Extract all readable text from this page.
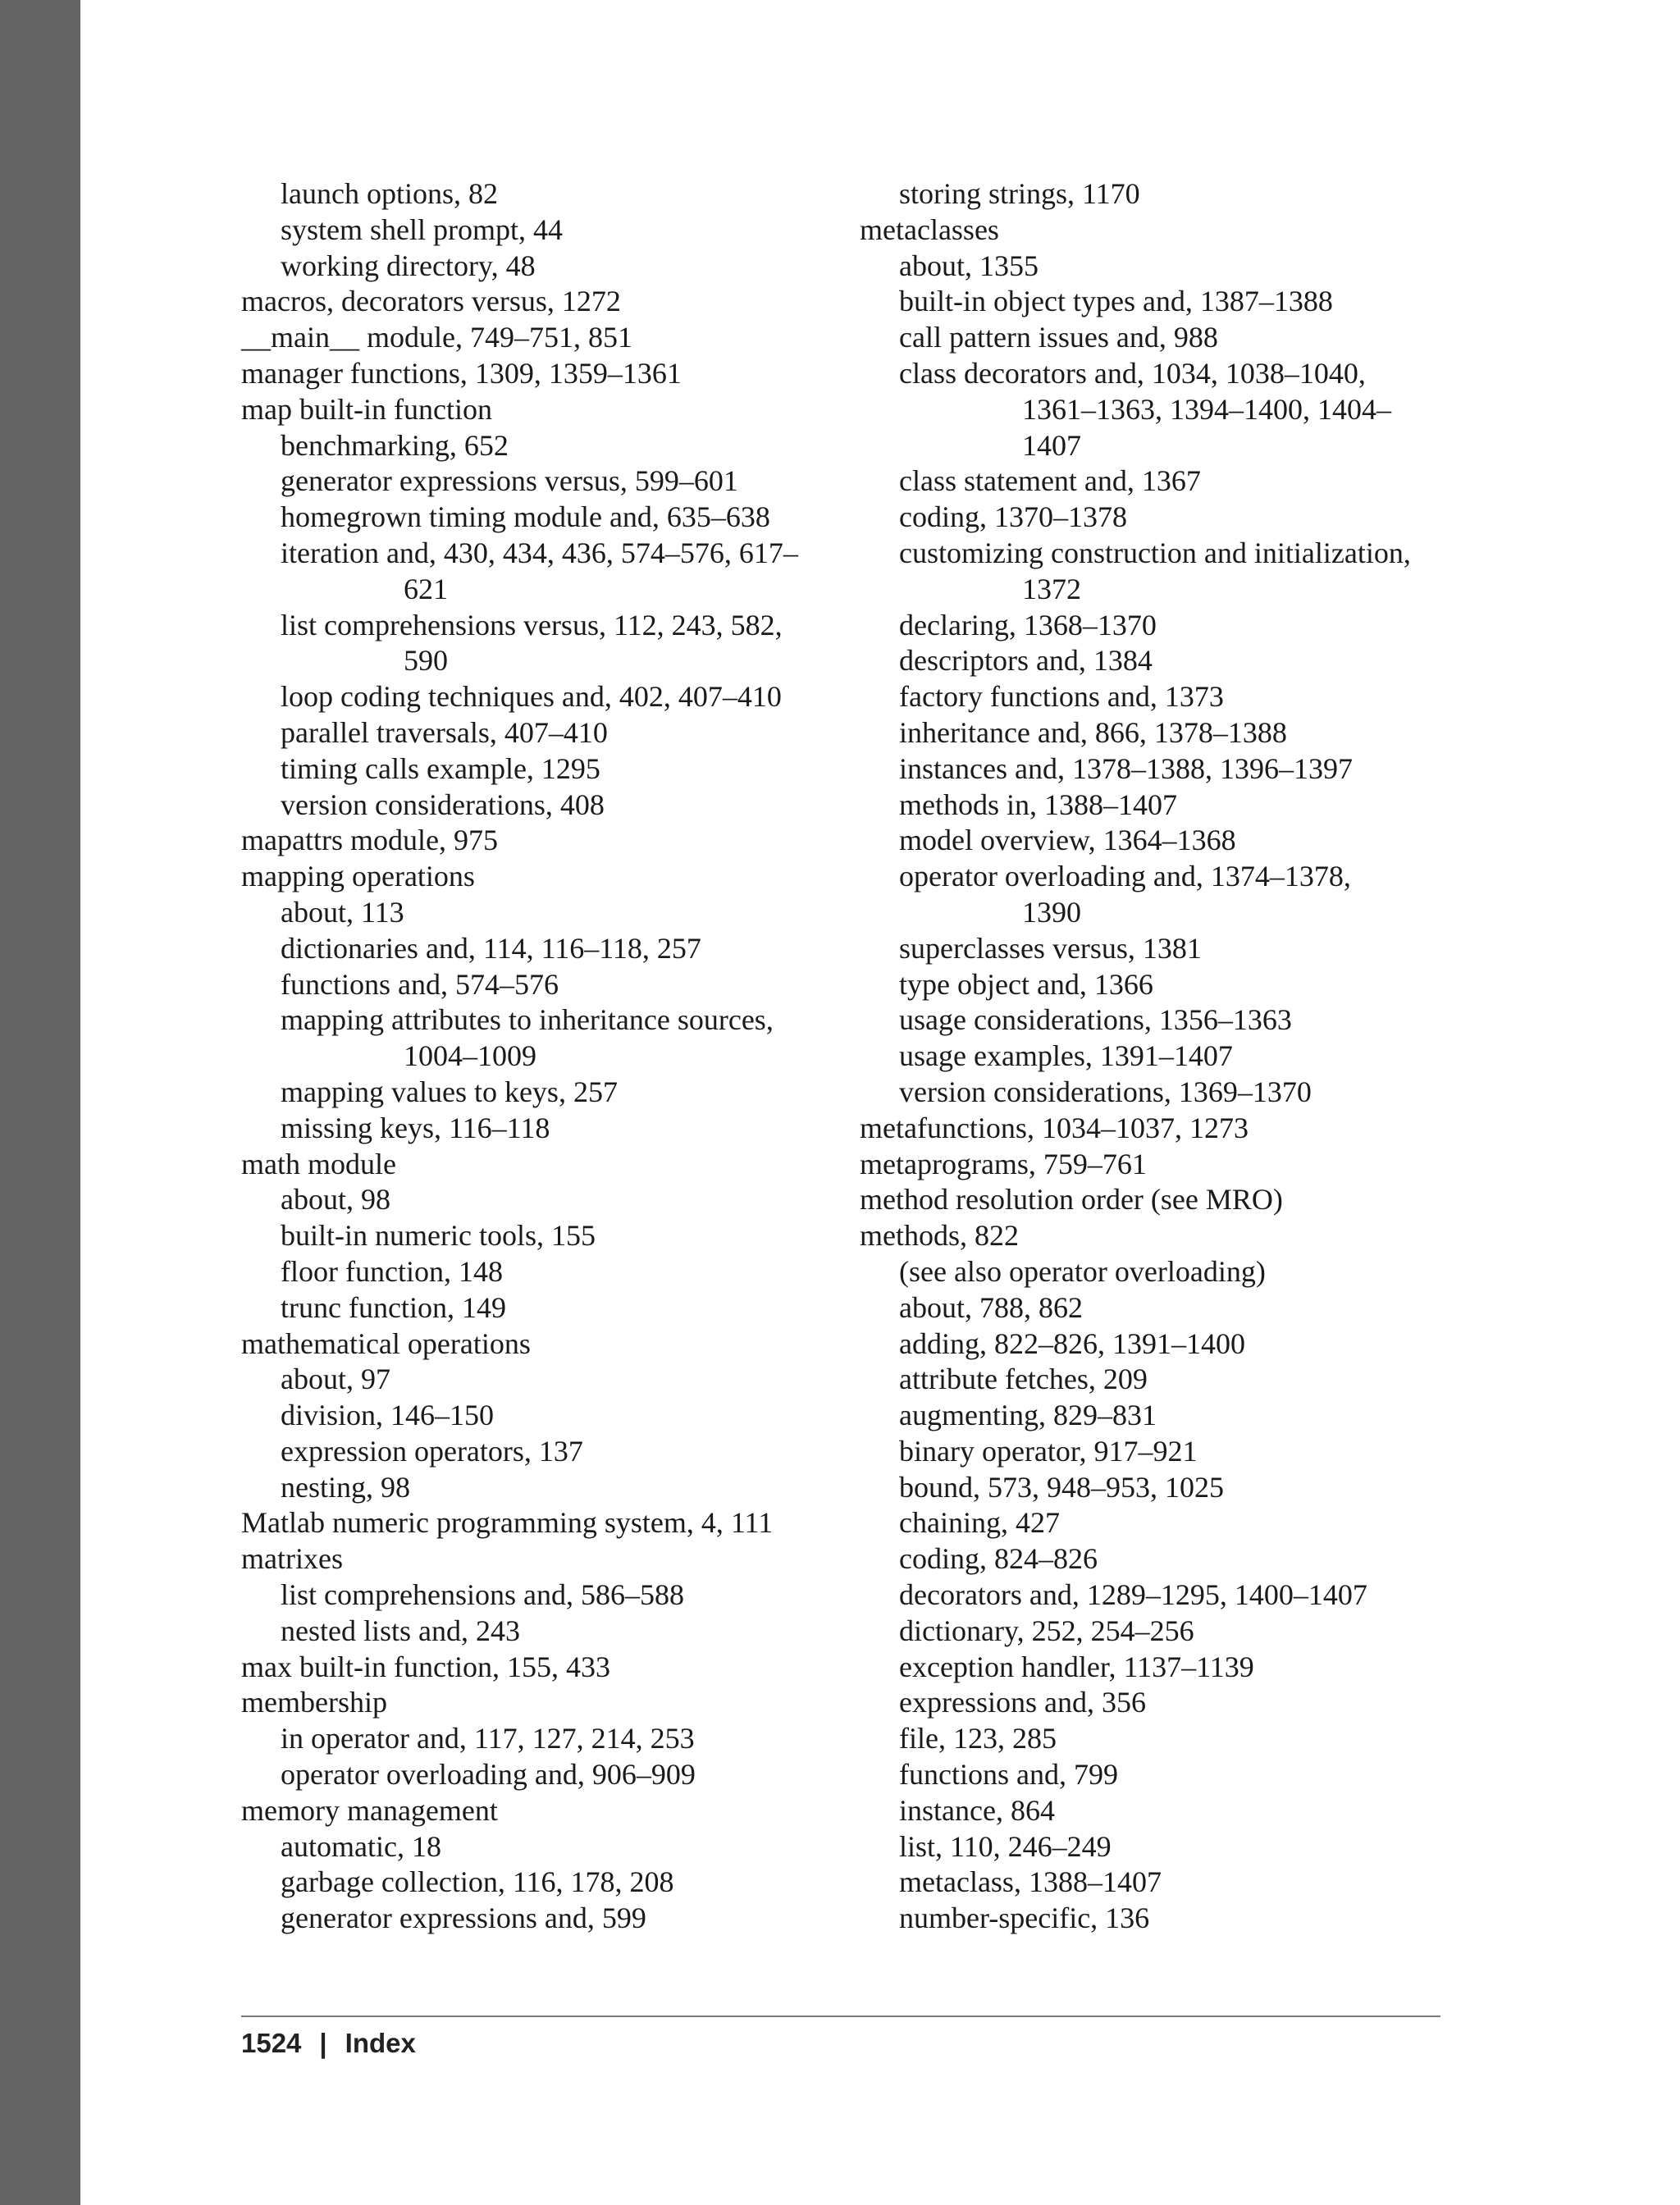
launch options, 82

system shell prompt, 44

working directory, 48

macros, decorators versus, 1272

__main__ module, 749–751, 851

manager functions, 1309, 1359–1361

map built-in function

benchmarking, 652

generator expressions versus, 599–601

homegrown timing module and, 635–638

iteration and, 430, 434, 436, 574–576, 617–

621

list comprehensions versus, 112, 243, 582,

590

loop coding techniques and, 402, 407–410

parallel traversals, 407–410

timing calls example, 1295

version considerations, 408

mapattrs module, 975

mapping operations

about, 113

dictionaries and, 114, 116–118, 257

functions and, 574–576

mapping attributes to inheritance sources,

1004–1009

mapping values to keys, 257

missing keys, 116–118

math module

about, 98

built-in numeric tools, 155

floor function, 148

trunc function, 149

mathematical operations

about, 97

division, 146–150

expression operators, 137

nesting, 98

Matlab numeric programming system, 4, 111

matrixes

list comprehensions and, 586–588

nested lists and, 243

max built-in function, 155, 433

membership

in operator and, 117, 127, 214, 253

operator overloading and, 906–909

memory management

automatic, 18

garbage collection, 116, 178, 208

generator expressions and, 599

storing strings, 1170

metaclasses

about, 1355

built-in object types and, 1387–1388

call pattern issues and, 988

class decorators and, 1034, 1038–1040,

1361–1363, 1394–1400, 1404–

1407

class statement and, 1367

coding, 1370–1378

customizing construction and initialization,

1372

declaring, 1368–1370

descriptors and, 1384

factory functions and, 1373

inheritance and, 866, 1378–1388

instances and, 1378–1388, 1396–1397

methods in, 1388–1407

model overview, 1364–1368

operator overloading and, 1374–1378,

1390

superclasses versus, 1381

type object and, 1366

usage considerations, 1356–1363

usage examples, 1391–1407

version considerations, 1369–1370

metafunctions, 1034–1037, 1273

metaprograms, 759–761

method resolution order (see MRO)

methods, 822

(see also operator overloading)

about, 788, 862

adding, 822–826, 1391–1400

attribute fetches, 209

augmenting, 829–831

binary operator, 917–921

bound, 573, 948–953, 1025

chaining, 427

coding, 824–826

decorators and, 1289–1295, 1400–1407

dictionary, 252, 254–256

exception handler, 1137–1139

expressions and, 356

file, 123, 285

functions and, 799

instance, 864

list, 110, 246–249

metaclass, 1388–1407

number-specific, 136

1524 | Index
